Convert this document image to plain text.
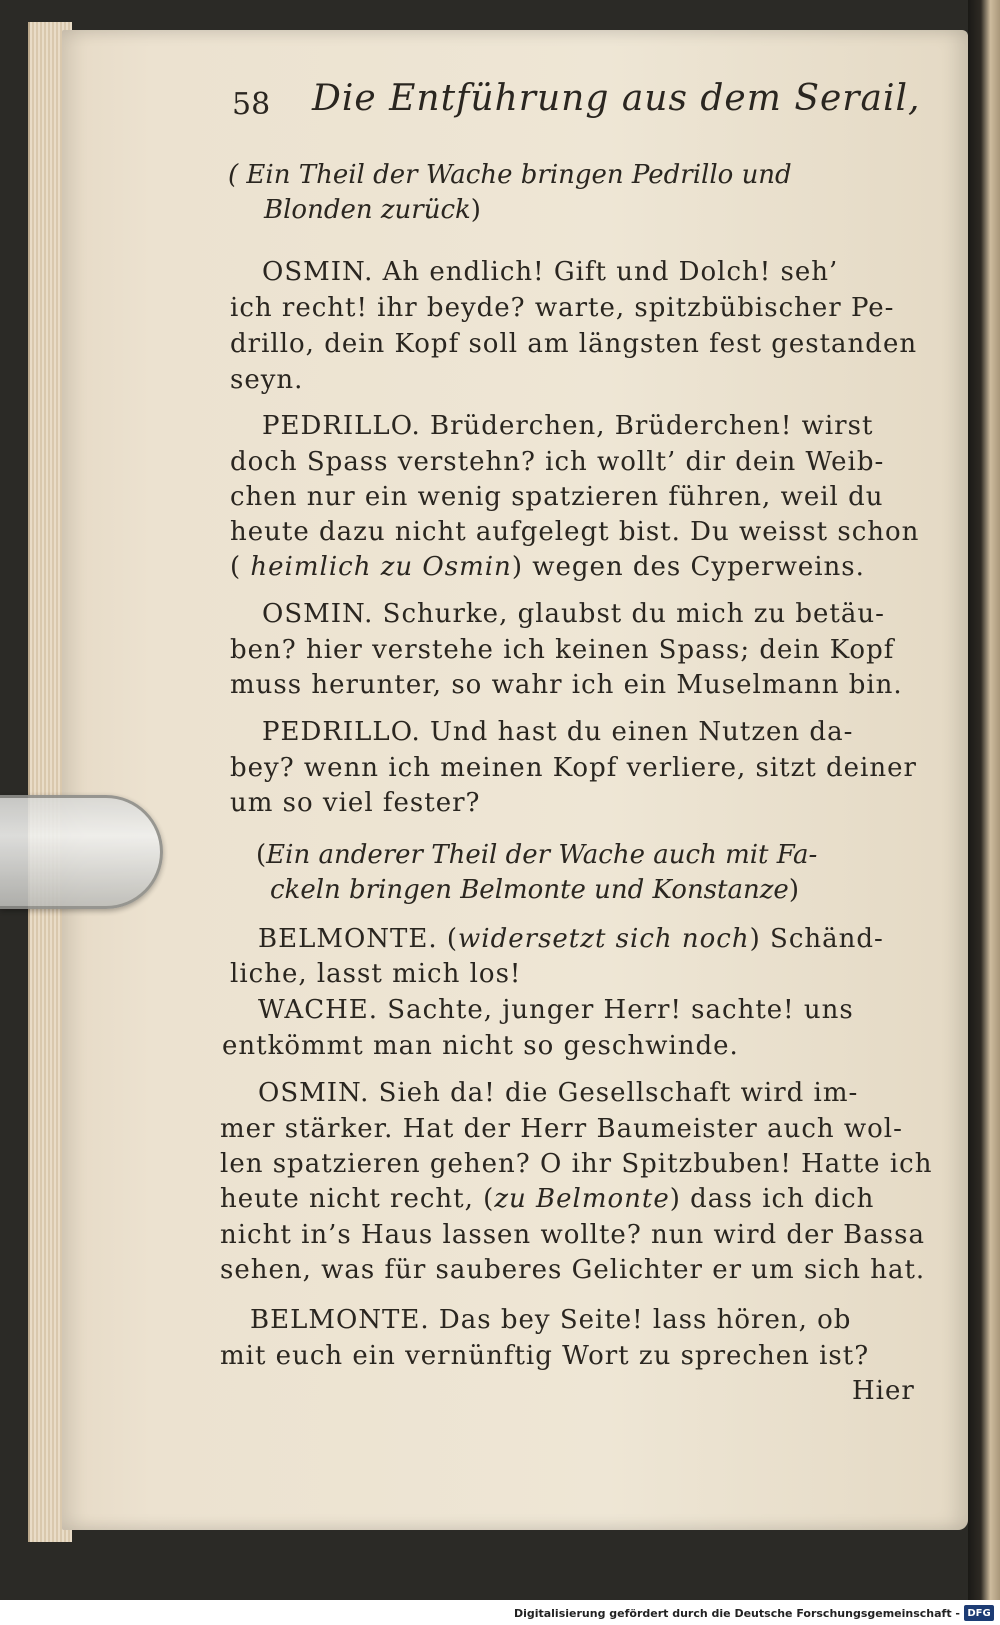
58 Die Entführung aus dem Serail,
( Ein Theil der Wache bringen Pedrillo und
Blonden zurück)
OSMIN. Ah endlich! Gift und Dolch! seh’
ich recht! ihr beyde? warte, spitzbübischer Pe-
drillo, dein Kopf soll am längsten fest gestanden
seyn.
PEDRILLO. Brüderchen, Brüderchen! wirst
doch Spass verstehn? ich wollt’ dir dein Weib-
chen nur ein wenig spatzieren führen, weil du
heute dazu nicht aufgelegt bist. Du weisst schon
( heimlich zu Osmin) wegen des Cyperweins.
OSMIN. Schurke, glaubst du mich zu betäu-
ben? hier verstehe ich keinen Spass; dein Kopf
muss herunter, so wahr ich ein Muselmann bin.
PEDRILLO. Und hast du einen Nutzen da-
bey? wenn ich meinen Kopf verliere, sitzt deiner
um so viel fester?
(Ein anderer Theil der Wache auch mit Fa-
ckeln bringen Belmonte und Konstanze)
BELMONTE. (widersetzt sich noch) Schänd-
liche, lasst mich los!
WACHE. Sachte, junger Herr! sachte! uns
entkömmt man nicht so geschwinde.
OSMIN. Sieh da! die Gesellschaft wird im-
mer stärker. Hat der Herr Baumeister auch wol-
len spatzieren gehen? O ihr Spitzbuben! Hatte ich
heute nicht recht, (zu Belmonte) dass ich dich
nicht in’s Haus lassen wollte? nun wird der Bassa
sehen, was für sauberes Gelichter er um sich hat.
BELMONTE. Das bey Seite! lass hören, ob
mit euch ein vernünftig Wort zu sprechen ist?
Hier
Digitalisierung gefördert durch die Deutsche Forschungsgemeinschaft - DFG
